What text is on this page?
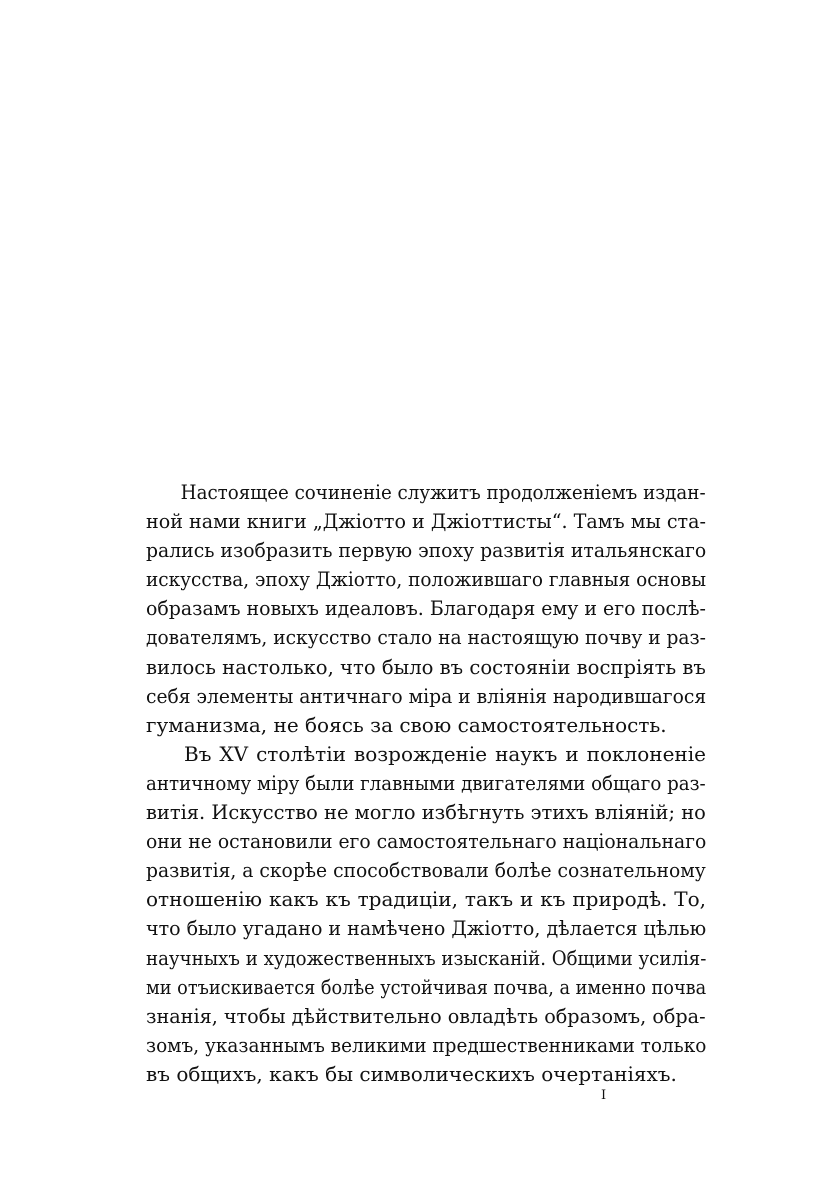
Настоящее сочиненіе служитъ продолженіемъ издан-
ной нами книги „Джіотто и Джіоттисты“. Тамъ мы ста-
рались изобразить первую эпоху развитія итальянскаго
искусства, эпоху Джіотто, положившаго главныя основы
образамъ новыхъ идеаловъ. Благодаря ему и его послѣ-
дователямъ, искусство стало на настоящую почву и раз-
вилось настолько, что было въ состояніи воспріять въ
себя элементы античнаго міра и вліянія народившагося
гуманизма, не боясь за свою самостоятельность.

Въ XV столѣтіи возрожденіе наукъ и поклоненіе
античному міру были главными двигателями общаго раз-
витія. Искусство не могло избѣгнуть этихъ вліяній; но
они не остановили его самостоятельнаго національнаго
развитія, а скорѣе способствовали болѣе сознательному
отношенію какъ къ традиціи, такъ и къ природѣ. То,
что было угадано и намѣчено Джіотто, дѣлается цѣлью
научныхъ и художественныхъ изысканій. Общими усилія-
ми отъискивается болѣе устойчивая почва, а именно почва
знанія, чтобы дѣйствительно овладѣть образомъ, обра-
зомъ, указаннымъ великими предшественниками только
въ общихъ, какъ бы символическихъ очертаніяхъ.

I
